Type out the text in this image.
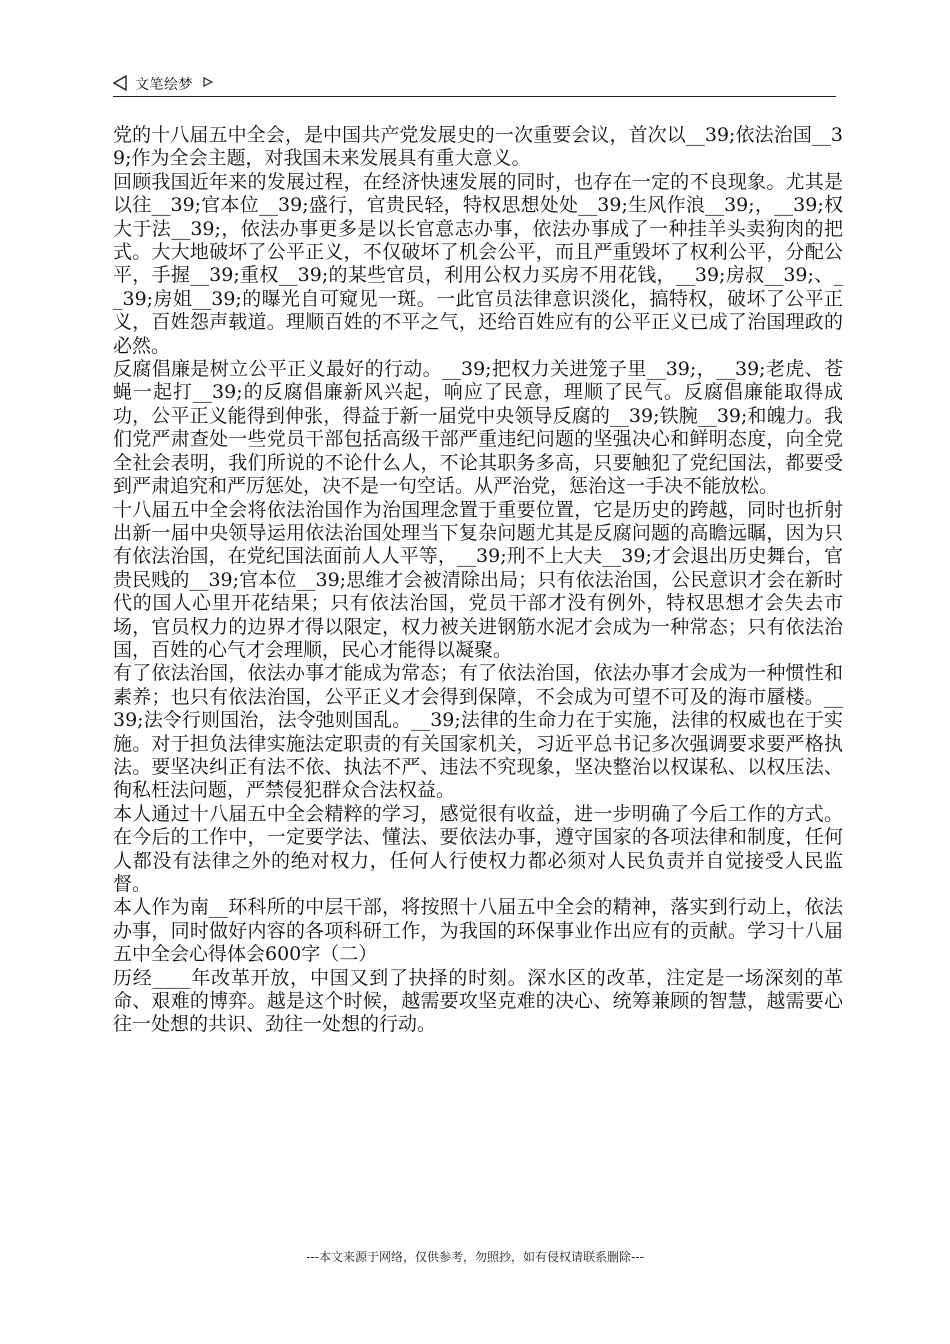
文笔绘梦

党的十八届五中全会，是中国共产党发展史的一次重要会议，首次以__39;依法治国__39;作为全会主题，对我国未来发展具有重大意义。

回顾我国近年来的发展过程，在经济快速发展的同时，也存在一定的不良现象。尤其是以往__39;官本位__39;盛行，官贵民轻，特权思想处处__39;生风作浪__39;，__39;权大于法__39;，依法办事更多是以长官意志办事，依法办事成了一种挂羊头卖狗肉的把式。大大地破坏了公平正义，不仅破坏了机会公平，而且严重毁坏了权利公平，分配公平，手握__39;重权__39;的某些官员，利用公权力买房不用花钱，__39;房叔__39;、__39;房姐__39;的曝光自可窥见一斑。一此官员法律意识淡化，搞特权，破坏了公平正义，百姓怨声载道。理顺百姓的不平之气，还给百姓应有的公平正义已成了治国理政的必然。

反腐倡廉是树立公平正义最好的行动。__39;把权力关进笼子里__39;，__39;老虎、苍蝇一起打__39;的反腐倡廉新风兴起，响应了民意，理顺了民气。反腐倡廉能取得成功，公平正义能得到伸张，得益于新一届党中央领导反腐的__39;铁腕__39;和魄力。我们党严肃查处一些党员干部包括高级干部严重违纪问题的坚强决心和鲜明态度，向全党全社会表明，我们所说的不论什么人，不论其职务多高，只要触犯了党纪国法，都要受到严肃追究和严厉惩处，决不是一句空话。从严治党，惩治这一手决不能放松。

十八届五中全会将依法治国作为治国理念置于重要位置，它是历史的跨越，同时也折射出新一届中央领导运用依法治国处理当下复杂问题尤其是反腐问题的高瞻远瞩，因为只有依法治国，在党纪国法面前人人平等，__39;刑不上大夫__39;才会退出历史舞台，官贵民贱的__39;官本位__39;思维才会被清除出局；只有依法治国，公民意识才会在新时代的国人心里开花结果；只有依法治国，党员干部才没有例外，特权思想才会失去市场，官员权力的边界才得以限定，权力被关进钢筋水泥才会成为一种常态；只有依法治国，百姓的心气才会理顺，民心才能得以凝聚。

有了依法治国，依法办事才能成为常态；有了依法治国，依法办事才会成为一种惯性和素养；也只有依法治国，公平正义才会得到保障，不会成为可望不可及的海市蜃楼。__39;法令行则国治，法令弛则国乱。__39;法律的生命力在于实施，法律的权威也在于实施。对于担负法律实施法定职责的有关国家机关，习近平总书记多次强调要求要严格执法。要坚决纠正有法不依、执法不严、违法不究现象，坚决整治以权谋私、以权压法、徇私枉法问题，严禁侵犯群众合法权益。

本人通过十八届五中全会精粹的学习，感觉很有收益，进一步明确了今后工作的方式。在今后的工作中，一定要学法、懂法、要依法办事，遵守国家的各项法律和制度，任何人都没有法律之外的绝对权力，任何人行使权力都必须对人民负责并自觉接受人民监督。

本人作为南__环科所的中层干部，将按照十八届五中全会的精神，落实到行动上，依法办事，同时做好内容的各项科研工作，为我国的环保事业作出应有的贡献。学习十八届五中全会心得体会600字（二）

历经____年改革开放，中国又到了抉择的时刻。深水区的改革，注定是一场深刻的革命、艰难的博弈。越是这个时候，越需要攻坚克难的决心、统筹兼顾的智慧，越需要心往一处想的共识、劲往一处想的行动。

---本文来源于网络，仅供参考，勿照抄，如有侵权请联系删除---
